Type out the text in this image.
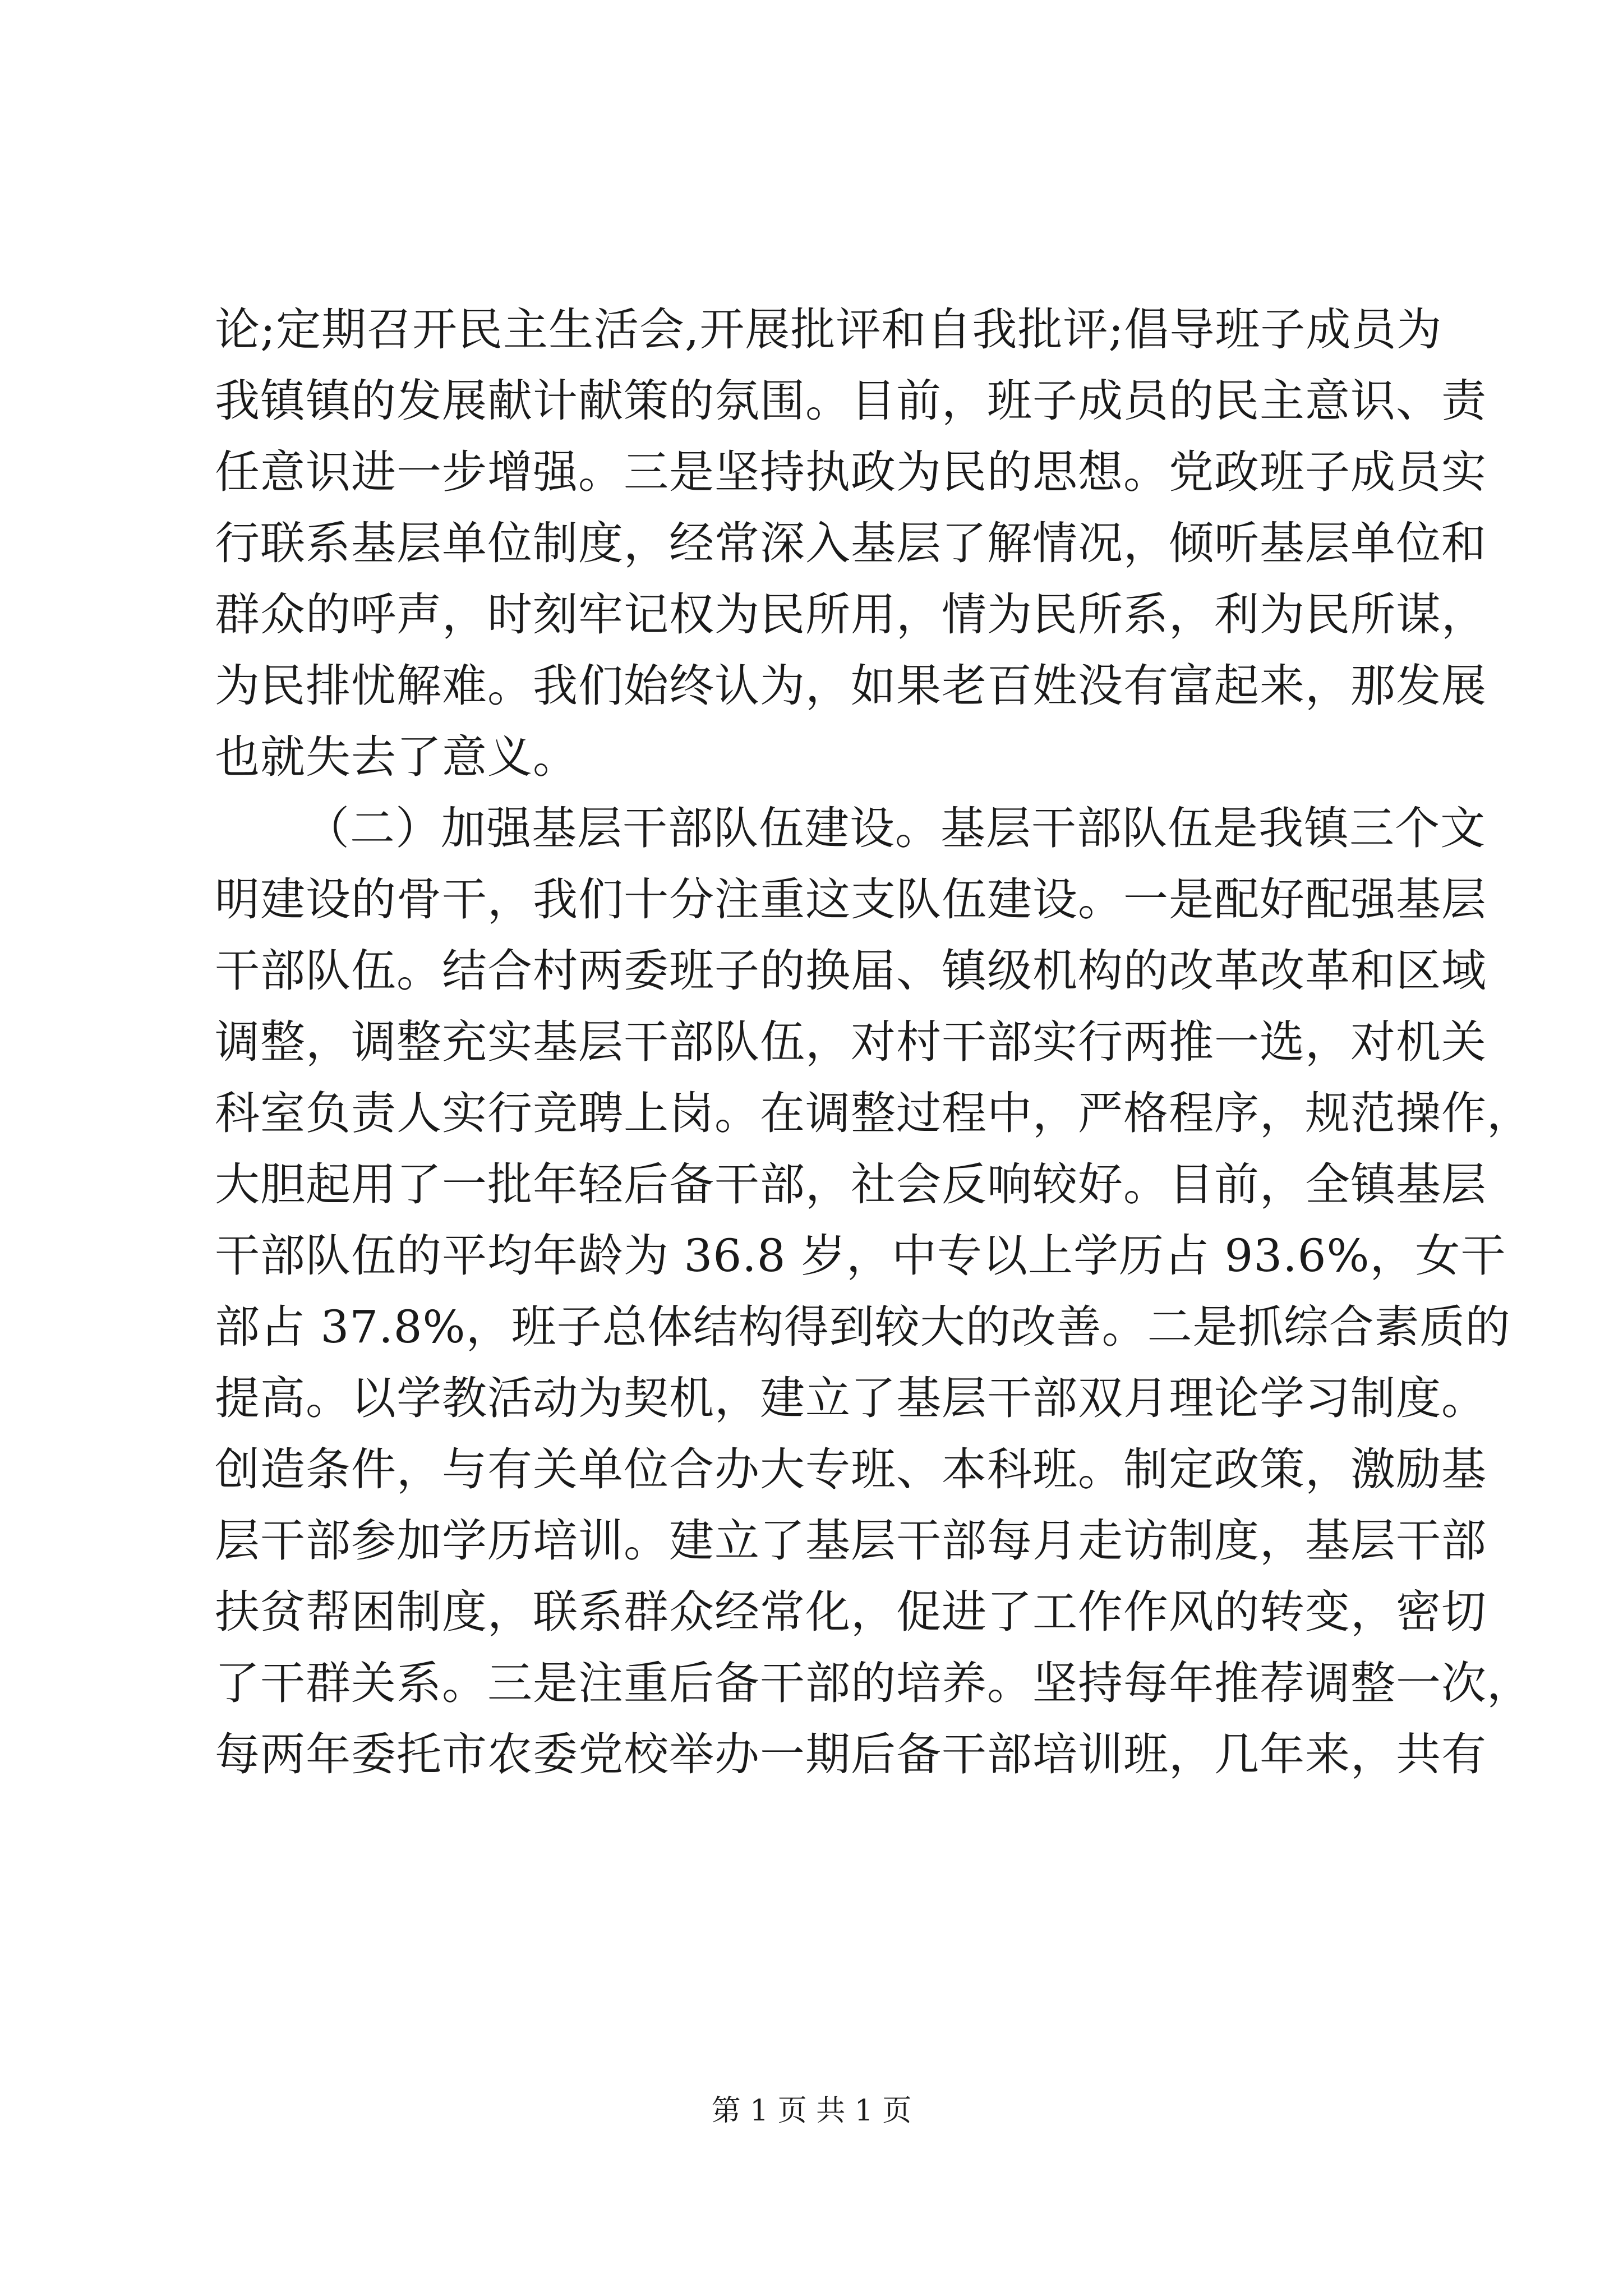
论;定期召开民主生活会,开展批评和自我批评;倡导班子成员为
我镇镇的发展献计献策的氛围。目前，班子成员的民主意识、责
任意识进一步增强。三是坚持执政为民的思想。党政班子成员实
行联系基层单位制度，经常深入基层了解情况，倾听基层单位和
群众的呼声，时刻牢记权为民所用，情为民所系，利为民所谋，
为民排忧解难。我们始终认为，如果老百姓没有富起来，那发展
也就失去了意义。
（二）加强基层干部队伍建设。基层干部队伍是我镇三个文
明建设的骨干，我们十分注重这支队伍建设。一是配好配强基层
干部队伍。结合村两委班子的换届、镇级机构的改革改革和区域
调整，调整充实基层干部队伍，对村干部实行两推一选，对机关
科室负责人实行竞聘上岗。在调整过程中，严格程序，规范操作，
大胆起用了一批年轻后备干部，社会反响较好。目前，全镇基层
干部队伍的平均年龄为 36.8 岁，中专以上学历占 93.6%，女干
部占 37.8%，班子总体结构得到较大的改善。二是抓综合素质的
提高。以学教活动为契机，建立了基层干部双月理论学习制度。
创造条件，与有关单位合办大专班、本科班。制定政策，激励基
层干部参加学历培训。建立了基层干部每月走访制度，基层干部
扶贫帮困制度，联系群众经常化，促进了工作作风的转变，密切
了干群关系。三是注重后备干部的培养。坚持每年推荐调整一次，
每两年委托市农委党校举办一期后备干部培训班，几年来，共有
第 1 页 共 1 页
